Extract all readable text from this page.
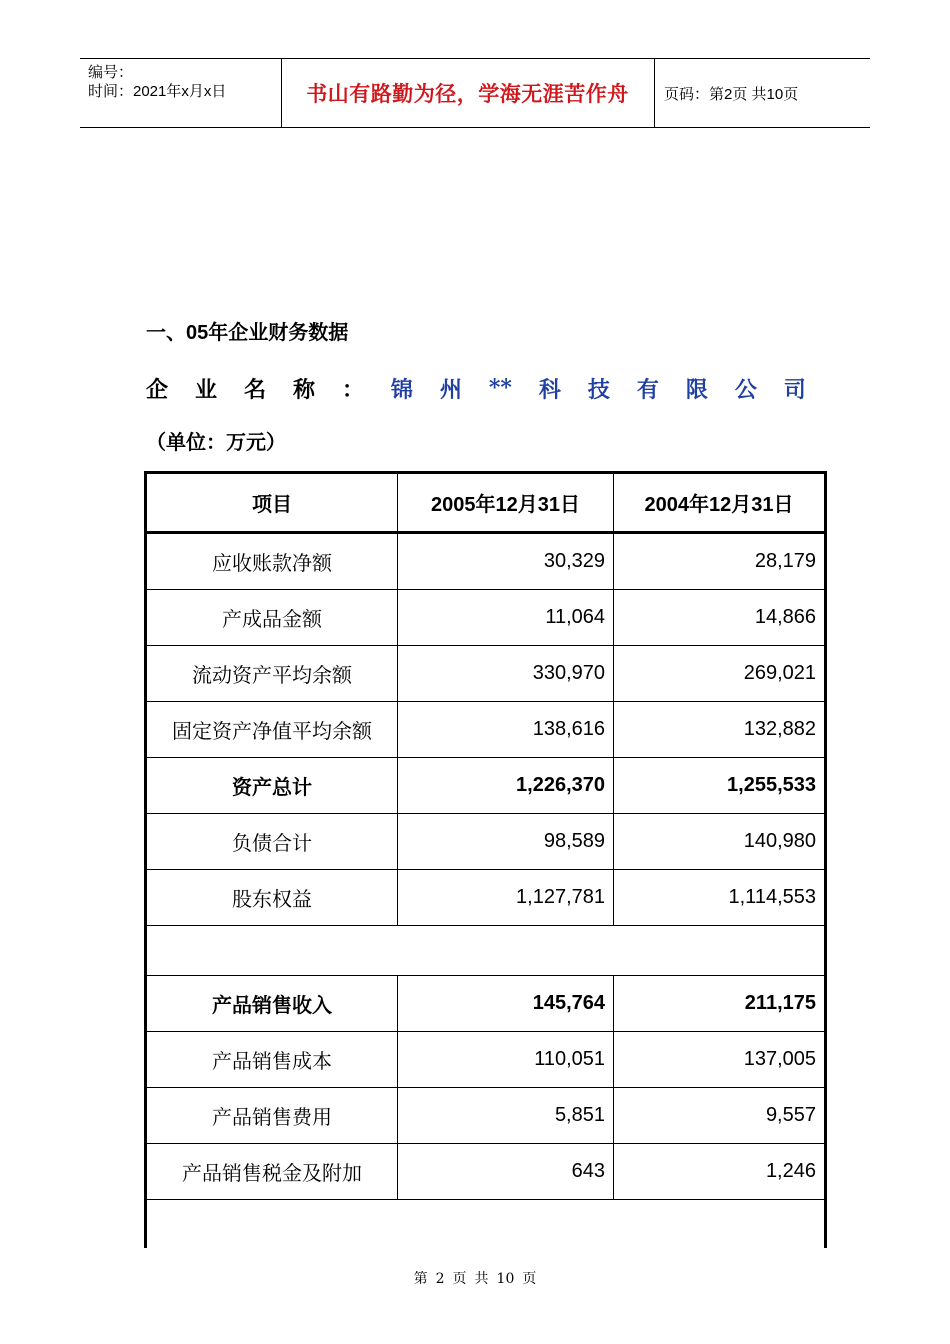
编号：
时间：2021年x月x日	书山有路勤为径，学海无涯苦作舟	页码：第2页 共10页
一、05年企业财务数据
企 业 名 称 ： 锦 州 ** 科 技 有 限 公 司
（单位：万元）
项目	2005年12月31日	2004年12月31日
应收账款净额	30,329	28,179
产成品金额	11,064	14,866
流动资产平均余额	330,970	269,021
固定资产净值平均余额	138,616	132,882
资产总计	1,226,370	1,255,533
负债合计	98,589	140,980
股东权益	1,127,781	1,114,553

产品销售收入	145,764	211,175
产品销售成本	110,051	137,005
产品销售费用	5,851	9,557
产品销售税金及附加	643	1,246

第 2 页 共 10 页
